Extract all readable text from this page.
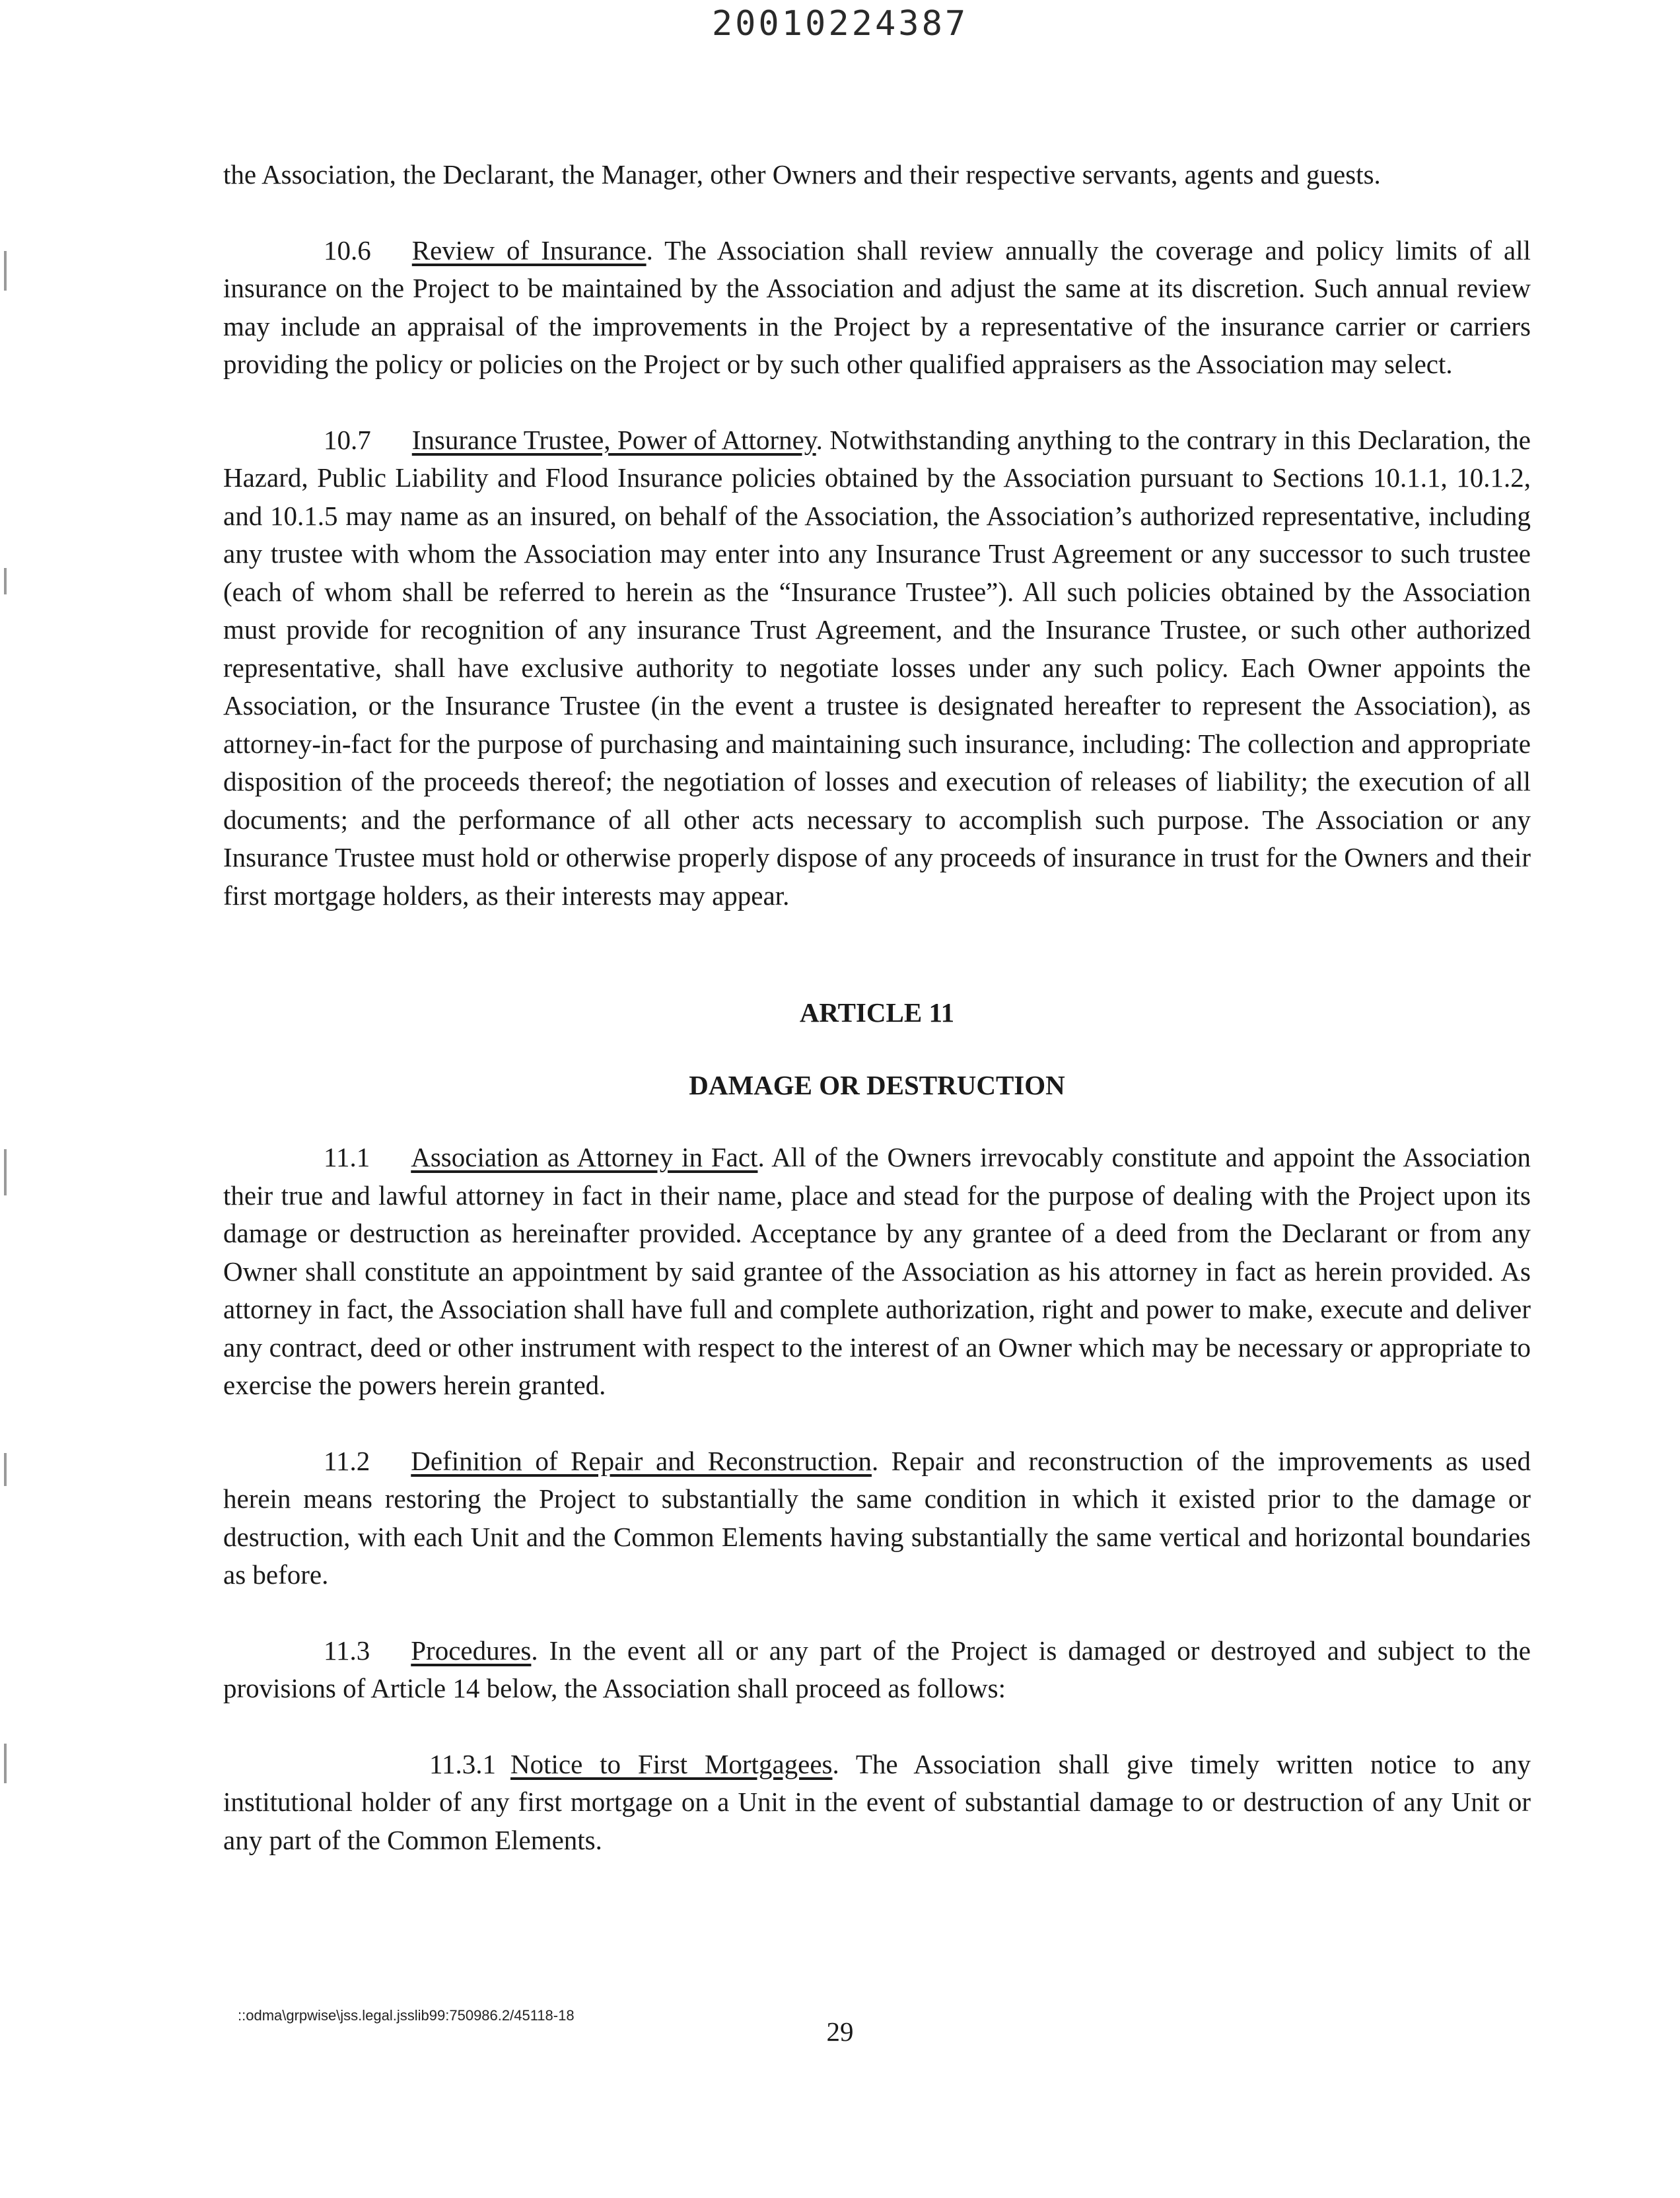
20010224387

the Association, the Declarant, the Manager, other Owners and their respective servants, agents and guests.

10.6 Review of Insurance. The Association shall review annually the coverage and policy limits of all insurance on the Project to be maintained by the Association and adjust the same at its discretion. Such annual review may include an appraisal of the improvements in the Project by a representative of the insurance carrier or carriers providing the policy or policies on the Project or by such other qualified appraisers as the Association may select.

10.7 Insurance Trustee, Power of Attorney. Notwithstanding anything to the contrary in this Declaration, the Hazard, Public Liability and Flood Insurance policies obtained by the Association pursuant to Sections 10.1.1, 10.1.2, and 10.1.5 may name as an insured, on behalf of the Association, the Association’s authorized representative, including any trustee with whom the Association may enter into any Insurance Trust Agreement or any successor to such trustee (each of whom shall be referred to herein as the “Insurance Trustee”). All such policies obtained by the Association must provide for recognition of any insurance Trust Agreement, and the Insurance Trustee, or such other authorized representative, shall have exclusive authority to negotiate losses under any such policy. Each Owner appoints the Association, or the Insurance Trustee (in the event a trustee is designated hereafter to represent the Association), as attorney-in-fact for the purpose of purchasing and maintaining such insurance, including: The collection and appropriate disposition of the proceeds thereof; the negotiation of losses and execution of releases of liability; the execution of all documents; and the performance of all other acts necessary to accomplish such purpose. The Association or any Insurance Trustee must hold or otherwise properly dispose of any proceeds of insurance in trust for the Owners and their first mortgage holders, as their interests may appear.

ARTICLE 11
DAMAGE OR DESTRUCTION

11.1 Association as Attorney in Fact. All of the Owners irrevocably constitute and appoint the Association their true and lawful attorney in fact in their name, place and stead for the purpose of dealing with the Project upon its damage or destruction as hereinafter provided. Acceptance by any grantee of a deed from the Declarant or from any Owner shall constitute an appointment by said grantee of the Association as his attorney in fact as herein provided. As attorney in fact, the Association shall have full and complete authorization, right and power to make, execute and deliver any contract, deed or other instrument with respect to the interest of an Owner which may be necessary or appropriate to exercise the powers herein granted.

11.2 Definition of Repair and Reconstruction. Repair and reconstruction of the improvements as used herein means restoring the Project to substantially the same condition in which it existed prior to the damage or destruction, with each Unit and the Common Elements having substantially the same vertical and horizontal boundaries as before.

11.3 Procedures. In the event all or any part of the Project is damaged or destroyed and subject to the provisions of Article 14 below, the Association shall proceed as follows:

11.3.1 Notice to First Mortgagees. The Association shall give timely written notice to any institutional holder of any first mortgage on a Unit in the event of substantial damage to or destruction of any Unit or any part of the Common Elements.

::odma\grpwise\jss.legal.jsslib99:750986.2/45118-18
29
